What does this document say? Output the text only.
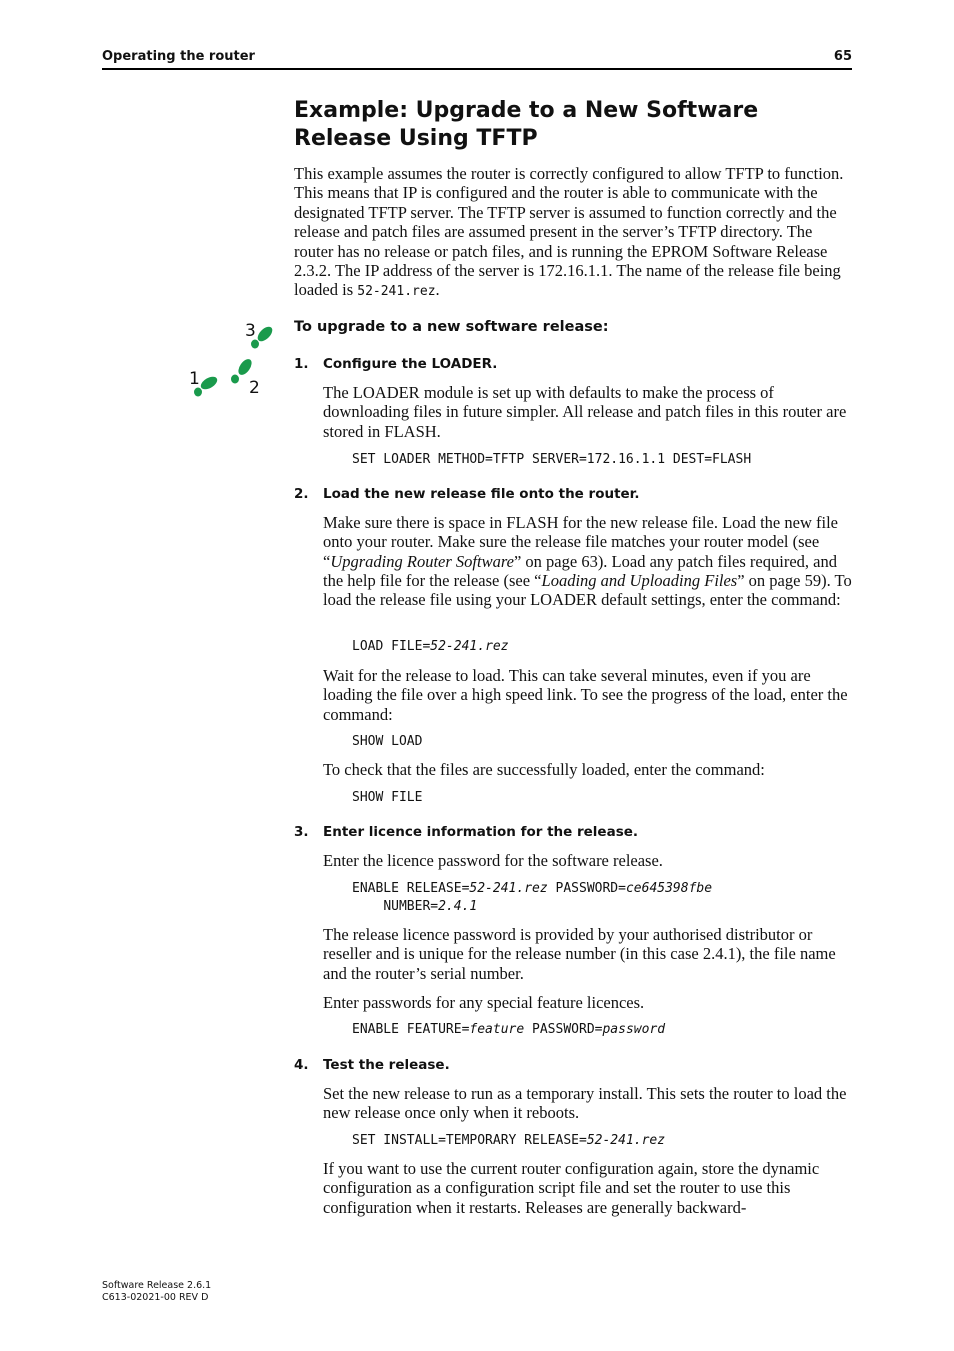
Operating the router	65
Example: Upgrade to a New Software Release Using TFTP

This example assumes the router is correctly configured to allow TFTP to function. This means that IP is configured and the router is able to communicate with the designated TFTP server. The TFTP server is assumed to function correctly and the release and patch files are assumed present in the server’s TFTP directory. The router has no release or patch files, and is running the EPROM Software Release 2.3.2. The IP address of the server is 172.16.1.1. The name of the release file being loaded is 52-241.rez.

3
1	2
To upgrade to a new software release:
1. Configure the LOADER.

The LOADER module is set up with defaults to make the process of downloading files in future simpler. All release and patch files in this router are stored in FLASH.

SET LOADER METHOD=TFTP SERVER=172.16.1.1 DEST=FLASH
2. Load the new release file onto the router.

Make sure there is space in FLASH for the new release file. Load the new file onto your router. Make sure the release file matches your router model (see “Upgrading Router Software” on page 63). Load any patch files required, and the help file for the release (see “Loading and Uploading Files” on page 59). To load the release file using your LOADER default settings, enter the command:

LOAD FILE=52-241.rez

Wait for the release to load. This can take several minutes, even if you are loading the file over a high speed link. To see the progress of the load, enter the command:

SHOW LOAD

To check that the files are successfully loaded, enter the command:

SHOW FILE
3. Enter licence information for the release.

Enter the licence password for the software release.

ENABLE RELEASE=52-241.rez PASSWORD=ce645398fbe
NUMBER=2.4.1

The release licence password is provided by your authorised distributor or reseller and is unique for the release number (in this case 2.4.1), the file name and the router’s serial number.

Enter passwords for any special feature licences.

ENABLE FEATURE=feature PASSWORD=password
4. Test the release.

Set the new release to run as a temporary install. This sets the router to load the new release once only when it reboots.

SET INSTALL=TEMPORARY RELEASE=52-241.rez

If you want to use the current router configuration again, store the dynamic configuration as a configuration script file and set the router to use this configuration when it restarts. Releases are generally backward-

Software Release 2.6.1
C613-02021-00 REV D
